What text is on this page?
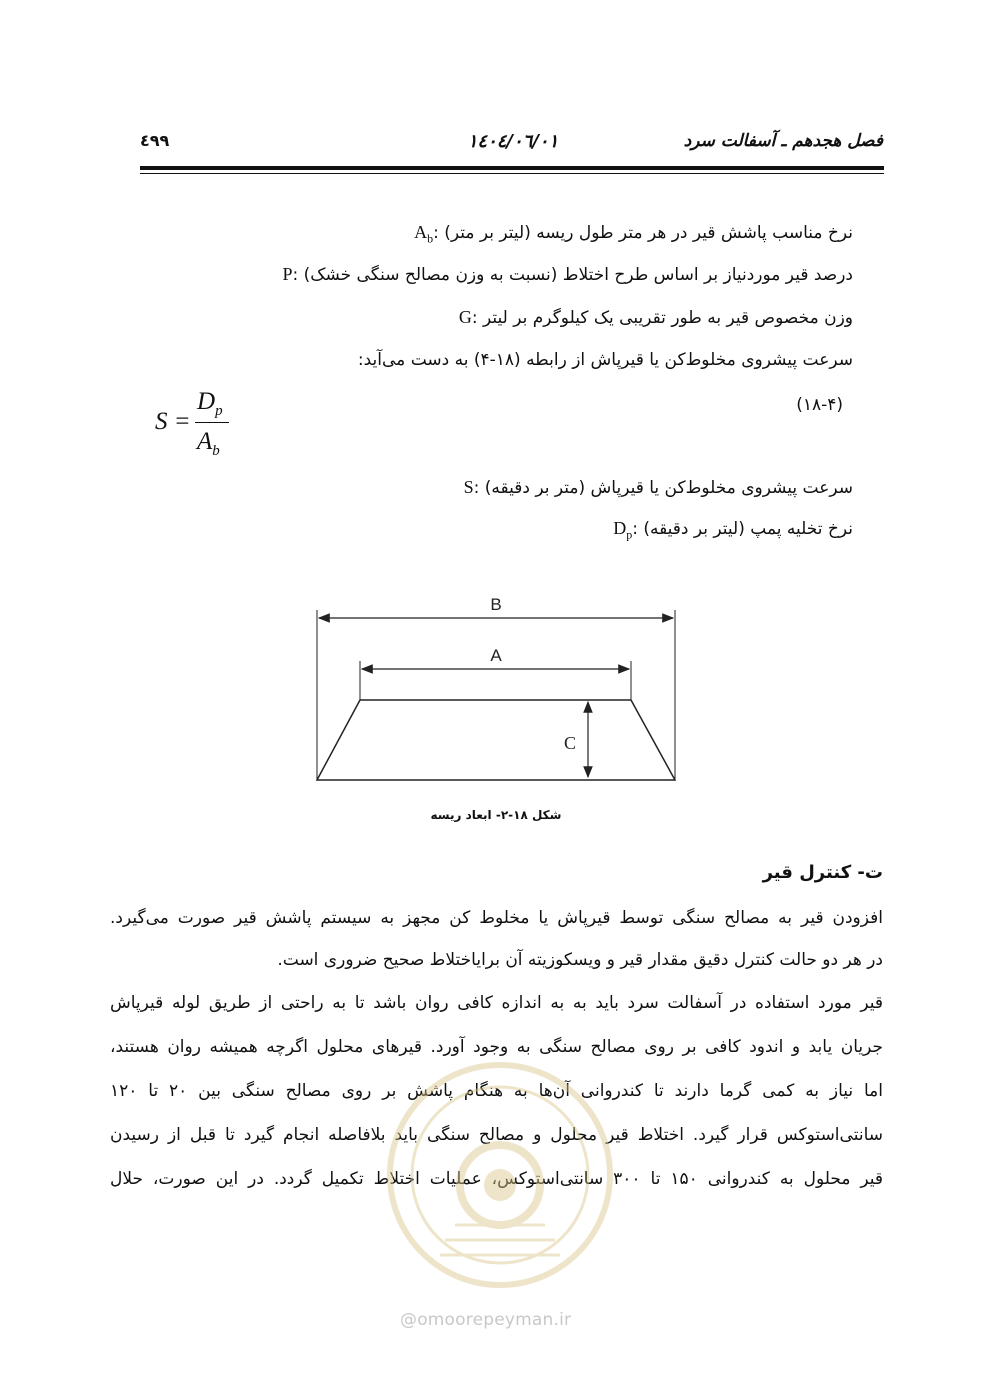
٤٩٩	١٤٠٤/٠٦/٠١	فصل هجدهم ـ آسفالت سرد
$A_b$: نرخ مناسب پاشش قیر در هر متر طول ریسه (لیتر بر متر)
P: درصد قیر موردنیاز بر اساس طرح اختلاط (نسبت به وزن مصالح سنگی خشک)
G: وزن مخصوص قیر به طور تقریبی یک کیلوگرم بر لیتر
سرعت پیشروی مخلوط‌کن یا قیرپاش از رابطه (۱۸-۴) به دست می‌آید:
S =
$D_p$
$A_b$
(۱۸-۴)
S: سرعت پیشروی مخلوط‌کن یا قیرپاش (متر بر دقیقه)
$D_p$: نرخ تخلیه پمپ (لیتر بر دقیقه)
B
A
C
شکل ۱۸-۲- ابعاد ریسه
ت- کنترل قیر
افزودن قیر به مصالح سنگی توسط قیرپاش یا مخلوط کن مجهز به سیستم پاشش قیر صورت می‌گیرد.
در هر دو حالت کنترل دقیق مقدار قیر و ویسکوزیته آن برایاختلاط صحیح ضروری است.
قیر مورد استفاده در آسفالت سرد باید به به اندازه کافی روان باشد تا به راحتی از طریق لوله قیرپاش
جریان یابد و اندود کافی بر روی مصالح سنگی به وجود آورد. قیرهای محلول اگرچه همیشه روان هستند،
اما نیاز به کمی گرما دارند تا کندروانی آن‌ها به هنگام پاشش بر روی مصالح سنگی بین ۲۰ تا ۱۲۰
سانتی‌استوکس قرار گیرد. اختلاط قیر محلول و مصالح سنگی باید بلافاصله انجام گیرد تا قبل از رسیدن
قیر محلول به کندروانی ۱۵۰ تا ۳۰۰ سانتی‌استوکس، عملیات اختلاط تکمیل گردد. در این صورت، حلال
@omoorepeyman.ir
